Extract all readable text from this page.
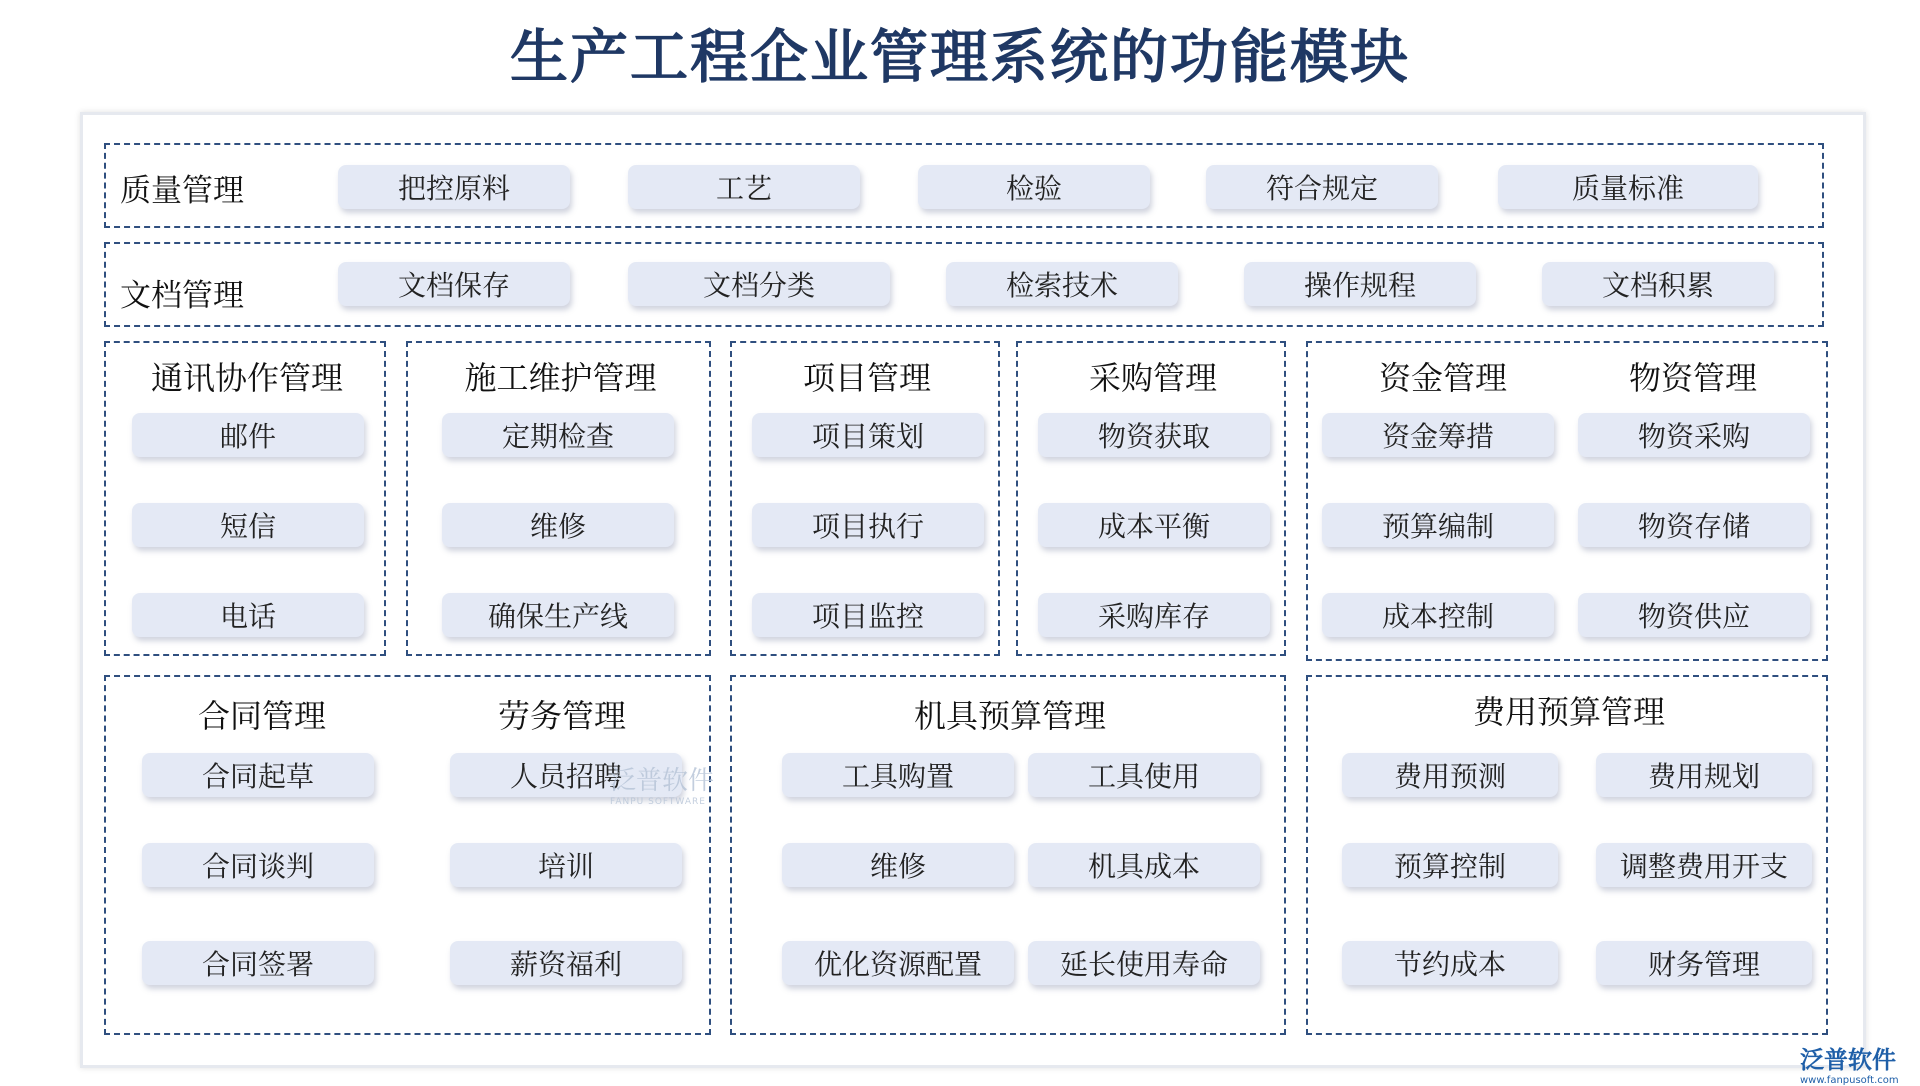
生产工程企业管理系统的功能模块
质量管理	把控原料	工艺	检验	符合规定	质量标准
文档管理	文档保存	文档分类	检索技术	操作规程	文档积累
通讯协作管理
邮件
短信
电话
施工维护管理
定期检查
维修
确保生产线
项目管理
项目策划
项目执行
项目监控
采购管理
物资获取
成本平衡
采购库存
资金管理	物资管理
资金筹措
预算编制
成本控制
物资采购
物资存储
物资供应
合同管理	劳务管理
合同起草
合同谈判
合同签署
人员招聘
培训
薪资福利
机具预算管理
工具购置	工具使用
维修	机具成本
优化资源配置	延长使用寿命
费用预算管理
费用预测	费用规划
预算控制	调整费用开支
节约成本	财务管理
泛普软件
FANPU SOFTWARE
泛普软件
www.fanpusoft.com
